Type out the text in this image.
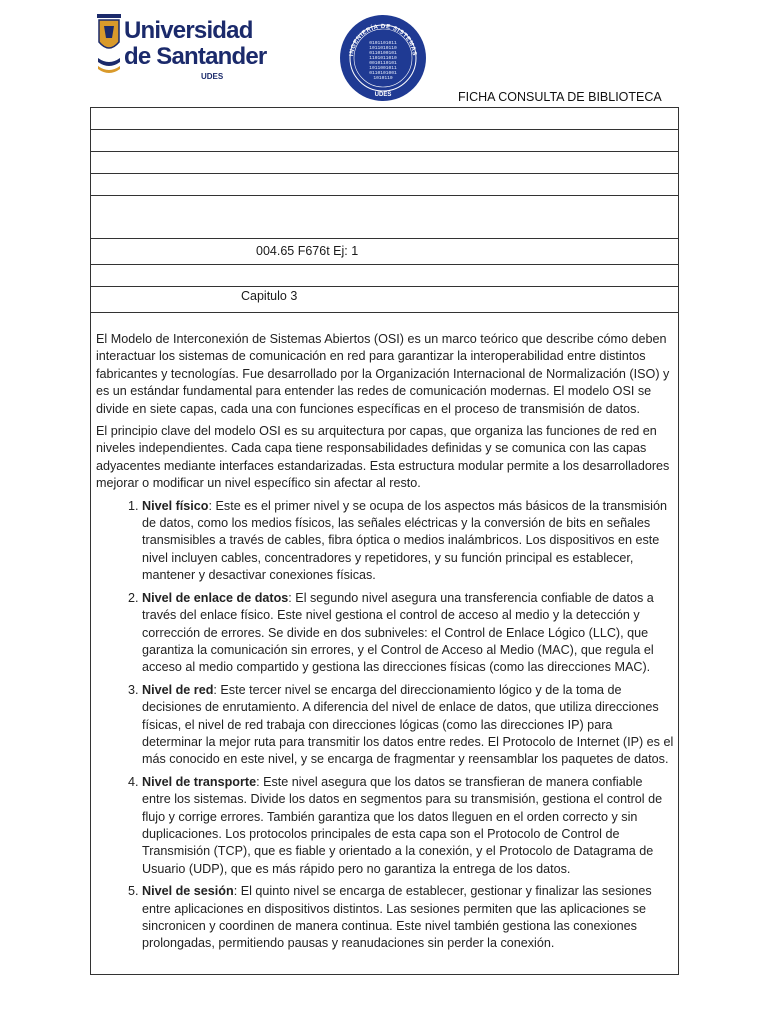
Universidad
de Santander
UDES
INGENIERÍA DE SISTEMAS
0101101011
1011010110
0110100101
1101011010
0010110101
1011001011
0110101001
1010110
UDES	FICHA CONSULTA DE BIBLIOTECA
004.65 F676t Ej: 1
Capitulo 3

El Modelo de Interconexión de Sistemas Abiertos (OSI) es un marco teórico que describe cómo deben interactuar los sistemas de comunicación en red para garantizar la interoperabilidad entre distintos fabricantes y tecnologías. Fue desarrollado por la Organización Internacional de Normalización (ISO) y es un estándar fundamental para entender las redes de comunicación modernas. El modelo OSI se divide en siete capas, cada una con funciones específicas en el proceso de transmisión de datos.

El principio clave del modelo OSI es su arquitectura por capas, que organiza las funciones de red en niveles independientes. Cada capa tiene responsabilidades definidas y se comunica con las capas adyacentes mediante interfaces estandarizadas. Esta estructura modular permite a los desarrolladores mejorar o modificar un nivel específico sin afectar al resto.

1. Nivel físico: Este es el primer nivel y se ocupa de los aspectos más básicos de la transmisión de datos, como los medios físicos, las señales eléctricas y la conversión de bits en señales transmisibles a través de cables, fibra óptica o medios inalámbricos. Los dispositivos en este nivel incluyen cables, concentradores y repetidores, y su función principal es establecer, mantener y desactivar conexiones físicas.
2. Nivel de enlace de datos: El segundo nivel asegura una transferencia confiable de datos a través del enlace físico. Este nivel gestiona el control de acceso al medio y la detección y corrección de errores. Se divide en dos subniveles: el Control de Enlace Lógico (LLC), que garantiza la comunicación sin errores, y el Control de Acceso al Medio (MAC), que regula el acceso al medio compartido y gestiona las direcciones físicas (como las direcciones MAC).
3. Nivel de red: Este tercer nivel se encarga del direccionamiento lógico y de la toma de decisiones de enrutamiento. A diferencia del nivel de enlace de datos, que utiliza direcciones físicas, el nivel de red trabaja con direcciones lógicas (como las direcciones IP) para determinar la mejor ruta para transmitir los datos entre redes. El Protocolo de Internet (IP) es el más conocido en este nivel, y se encarga de fragmentar y reensamblar los paquetes de datos.
4. Nivel de transporte: Este nivel asegura que los datos se transfieran de manera confiable entre los sistemas. Divide los datos en segmentos para su transmisión, gestiona el control de flujo y corrige errores. También garantiza que los datos lleguen en el orden correcto y sin duplicaciones. Los protocolos principales de esta capa son el Protocolo de Control de Transmisión (TCP), que es fiable y orientado a la conexión, y el Protocolo de Datagrama de Usuario (UDP), que es más rápido pero no garantiza la entrega de los datos.
5. Nivel de sesión: El quinto nivel se encarga de establecer, gestionar y finalizar las sesiones entre aplicaciones en dispositivos distintos. Las sesiones permiten que las aplicaciones se sincronicen y coordinen de manera continua. Este nivel también gestiona las conexiones prolongadas, permitiendo pausas y reanudaciones sin perder la conexión.
